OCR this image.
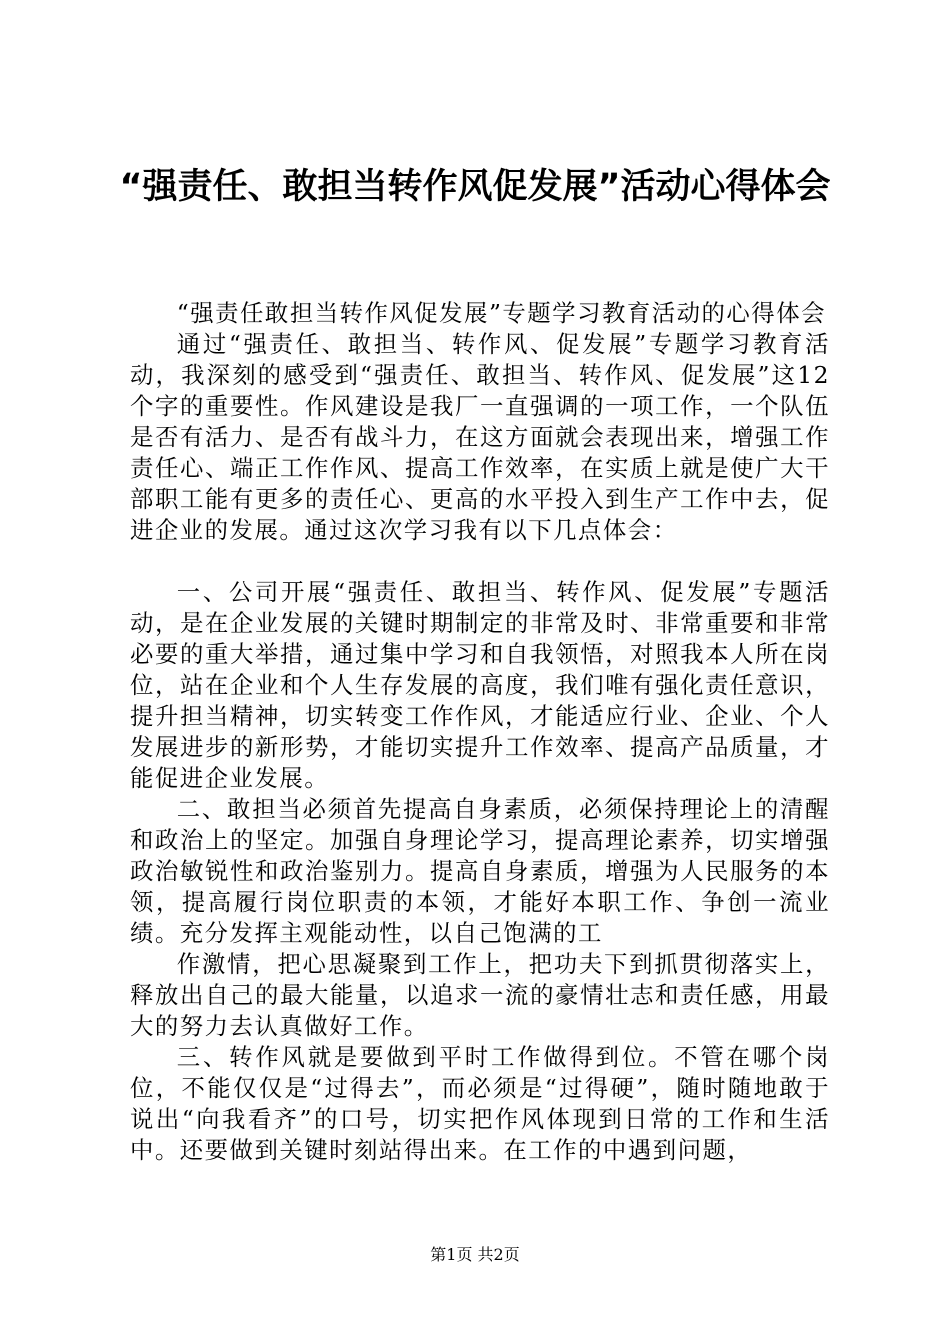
“强责任、敢担当转作风促发展”活动心得体会

“强责任敢担当转作风促发展”专题学习教育活动的心得体会

通过“强责任、敢担当、转作风、促发展”专题学习教育活动，我深刻的感受到“强责任、敢担当、转作风、促发展”这12个字的重要性。作风建设是我厂一直强调的一项工作，一个队伍是否有活力、是否有战斗力，在这方面就会表现出来，增强工作责任心、端正工作作风、提高工作效率，在实质上就是使广大干部职工能有更多的责任心、更高的水平投入到生产工作中去，促进企业的发展。通过这次学习我有以下几点体会：

一、公司开展“强责任、敢担当、转作风、促发展”专题活动，是在企业发展的关键时期制定的非常及时、非常重要和非常必要的重大举措，通过集中学习和自我领悟，对照我本人所在岗位，站在企业和个人生存发展的高度，我们唯有强化责任意识，提升担当精神，切实转变工作作风，才能适应行业、企业、个人发展进步的新形势，才能切实提升工作效率、提高产品质量，才能促进企业发展。

二、敢担当必须首先提高自身素质，必须保持理论上的清醒和政治上的坚定。加强自身理论学习，提高理论素养，切实增强政治敏锐性和政治鉴别力。提高自身素质，增强为人民服务的本领，提高履行岗位职责的本领，才能好本职工作、争创一流业绩。充分发挥主观能动性，以自己饱满的工

作激情，把心思凝聚到工作上，把功夫下到抓贯彻落实上，释放出自己的最大能量，以追求一流的豪情壮志和责任感，用最大的努力去认真做好工作。

三、转作风就是要做到平时工作做得到位。不管在哪个岗位，不能仅仅是“过得去”，而必须是“过得硬”，随时随地敢于说出“向我看齐”的口号，切实把作风体现到日常的工作和生活中。还要做到关键时刻站得出来。在工作的中遇到问题，

第1页 共2页
